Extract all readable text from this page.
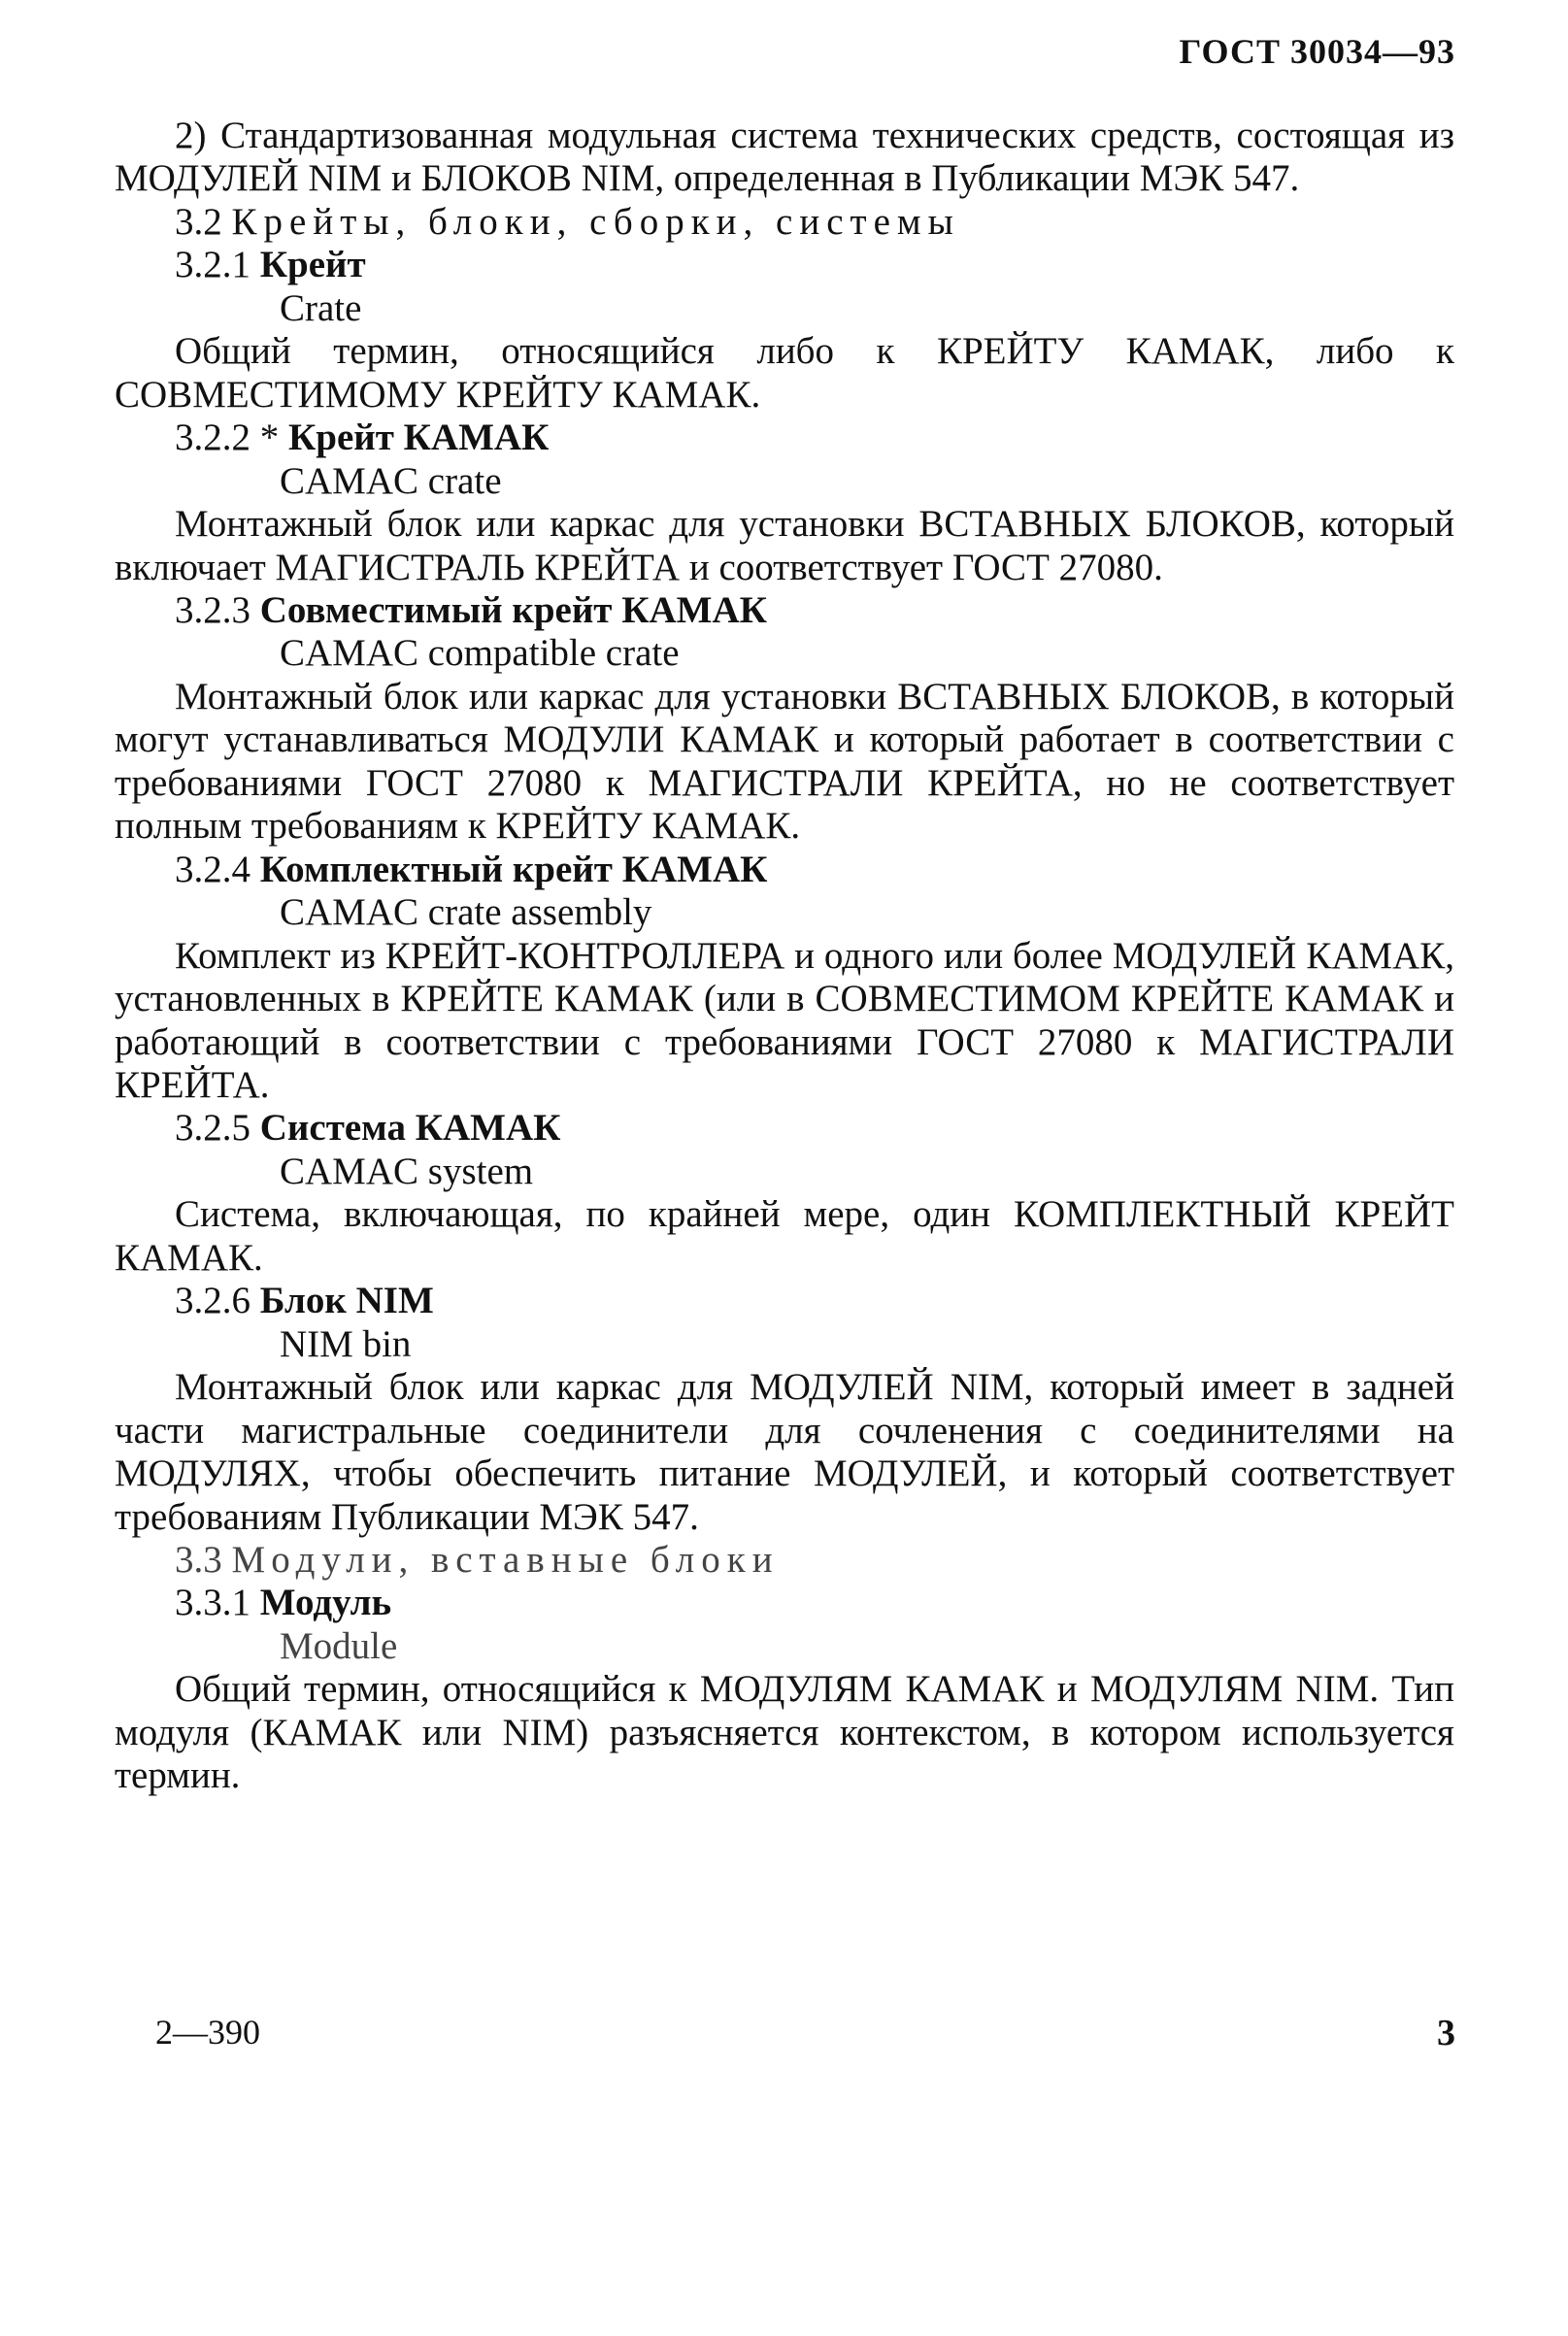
ГОСТ 30034—93

2) Стандартизованная модульная система технических средств, состоящая из МОДУЛЕЙ NIM и БЛОКОВ NIM, определенная в Публикации МЭК 547.

3.2 Крейты, блоки, сборки, системы

3.2.1 Крейт

Crate

Общий термин, относящийся либо к КРЕЙТУ КАМАК, либо к СОВМЕСТИМОМУ КРЕЙТУ КАМАК.

3.2.2 * Крейт КАМАК

CAMAC crate

Монтажный блок или каркас для установки ВСТАВНЫХ БЛОКОВ, который включает МАГИСТРАЛЬ КРЕЙТА и соответствует ГОСТ 27080.

3.2.3 Совместимый крейт КАМАК

CAMAC compatible crate

Монтажный блок или каркас для установки ВСТАВНЫХ БЛОКОВ, в который могут устанавливаться МОДУЛИ КАМАК и который работает в соответствии с требованиями ГОСТ 27080 к МАГИСТРАЛИ КРЕЙТА, но не соответствует полным требованиям к КРЕЙТУ КАМАК.

3.2.4 Комплектный крейт КАМАК

CAMAC crate assembly

Комплект из КРЕЙТ-КОНТРОЛЛЕРА и одного или более МОДУЛЕЙ КАМАК, установленных в КРЕЙТЕ КАМАК (или в СОВМЕСТИМОМ КРЕЙТЕ КАМАК и работающий в соответствии с требованиями ГОСТ 27080 к МАГИСТРАЛИ КРЕЙТА.

3.2.5 Система КАМАК

CAMAC system

Система, включающая, по крайней мере, один КОМПЛЕКТНЫЙ КРЕЙТ КАМАК.

3.2.6 Блок NIM

NIM bin

Монтажный блок или каркас для МОДУЛЕЙ NIM, который имеет в задней части магистральные соединители для сочленения с соединителями на МОДУЛЯХ, чтобы обеспечить питание МОДУЛЕЙ, и который соответствует требованиям Публикации МЭК 547.

3.3 Модули, вставные блоки

3.3.1 Модуль

Module

Общий термин, относящийся к МОДУЛЯМ КАМАК и МОДУЛЯМ NIM. Тип модуля (КАМАК или NIM) разъясняется контекстом, в котором используется термин.

2—390	3
